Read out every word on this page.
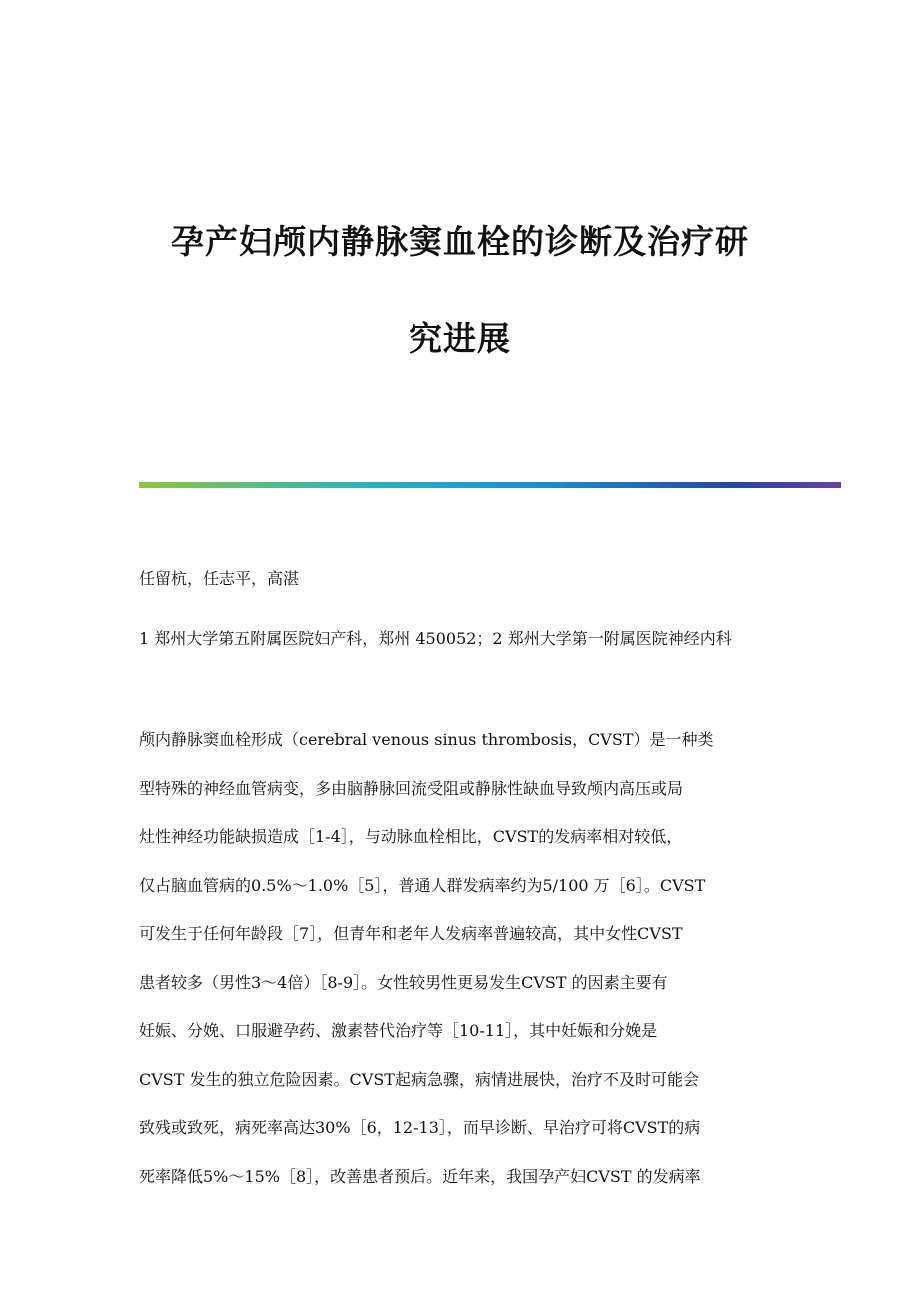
孕产妇颅内静脉窦血栓的诊断及治疗研
究进展

任留杭，任志平，高湛

1 郑州大学第五附属医院妇产科，郑州 450052；2 郑州大学第一附属医院神经内科

颅内静脉窦血栓形成（cerebral venous sinus thrombosis，CVST）是一种类
型特殊的神经血管病变，多由脑静脉回流受阻或静脉性缺血导致颅内高压或局
灶性神经功能缺损造成［1-4］，与动脉血栓相比，CVST的发病率相对较低，
仅占脑血管病的0.5%～1.0%［5］，普通人群发病率约为5/100 万［6］。CVST
可发生于任何年龄段［7］，但青年和老年人发病率普遍较高，其中女性CVST
患者较多（男性3～4倍）［8-9］。女性较男性更易发生CVST 的因素主要有
妊娠、分娩、口服避孕药、激素替代治疗等［10-11］，其中妊娠和分娩是
CVST 发生的独立危险因素。CVST起病急骤，病情进展快，治疗不及时可能会
致残或致死，病死率高达30%［6，12-13］，而早诊断、早治疗可将CVST的病
死率降低5%～15%［8］，改善患者预后。近年来，我国孕产妇CVST 的发病率
